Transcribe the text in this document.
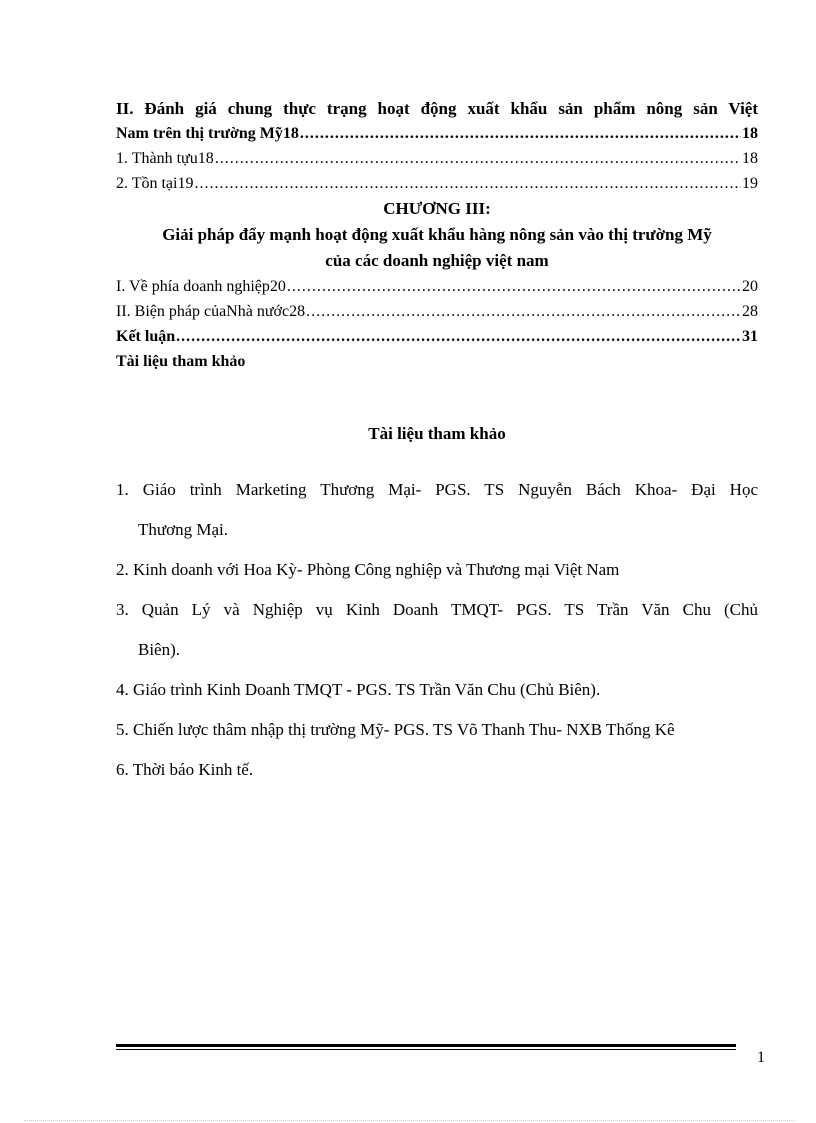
II. Đánh giá chung thực trạng hoạt động xuất khẩu sản phẩm nông sản Việt
Nam trên thị trường Mỹ18 .....	18
1. Thành tựu18 .....	18
2. Tồn tại19 .....	19
CHƯƠNG III:
Giải pháp đẩy mạnh hoạt động xuất khẩu hàng nông sản vào thị trường Mỹ
của các doanh nghiệp việt nam
I. Về phía doanh nghiệp20 .....	20
II. Biện pháp củaNhà nước28 .....	28
Kết luận .....	31
Tài liệu tham khảo
Tài liệu tham khảo
1. Giáo trình Marketing Thương Mại- PGS. TS Nguyễn Bách Khoa- Đại Học
Thương Mại.
2. Kinh doanh với Hoa Kỳ- Phòng Công nghiệp và Thương mại Việt Nam
3. Quản Lý và Nghiệp vụ Kinh Doanh TMQT- PGS. TS Trần Văn Chu (Chủ
Biên).
4. Giáo trình Kinh Doanh TMQT - PGS. TS Trần Văn Chu (Chủ Biên).
5. Chiến lược thâm nhập thị trường Mỹ- PGS. TS Võ Thanh Thu- NXB Thống Kê
6. Thời báo Kinh tế.
1
